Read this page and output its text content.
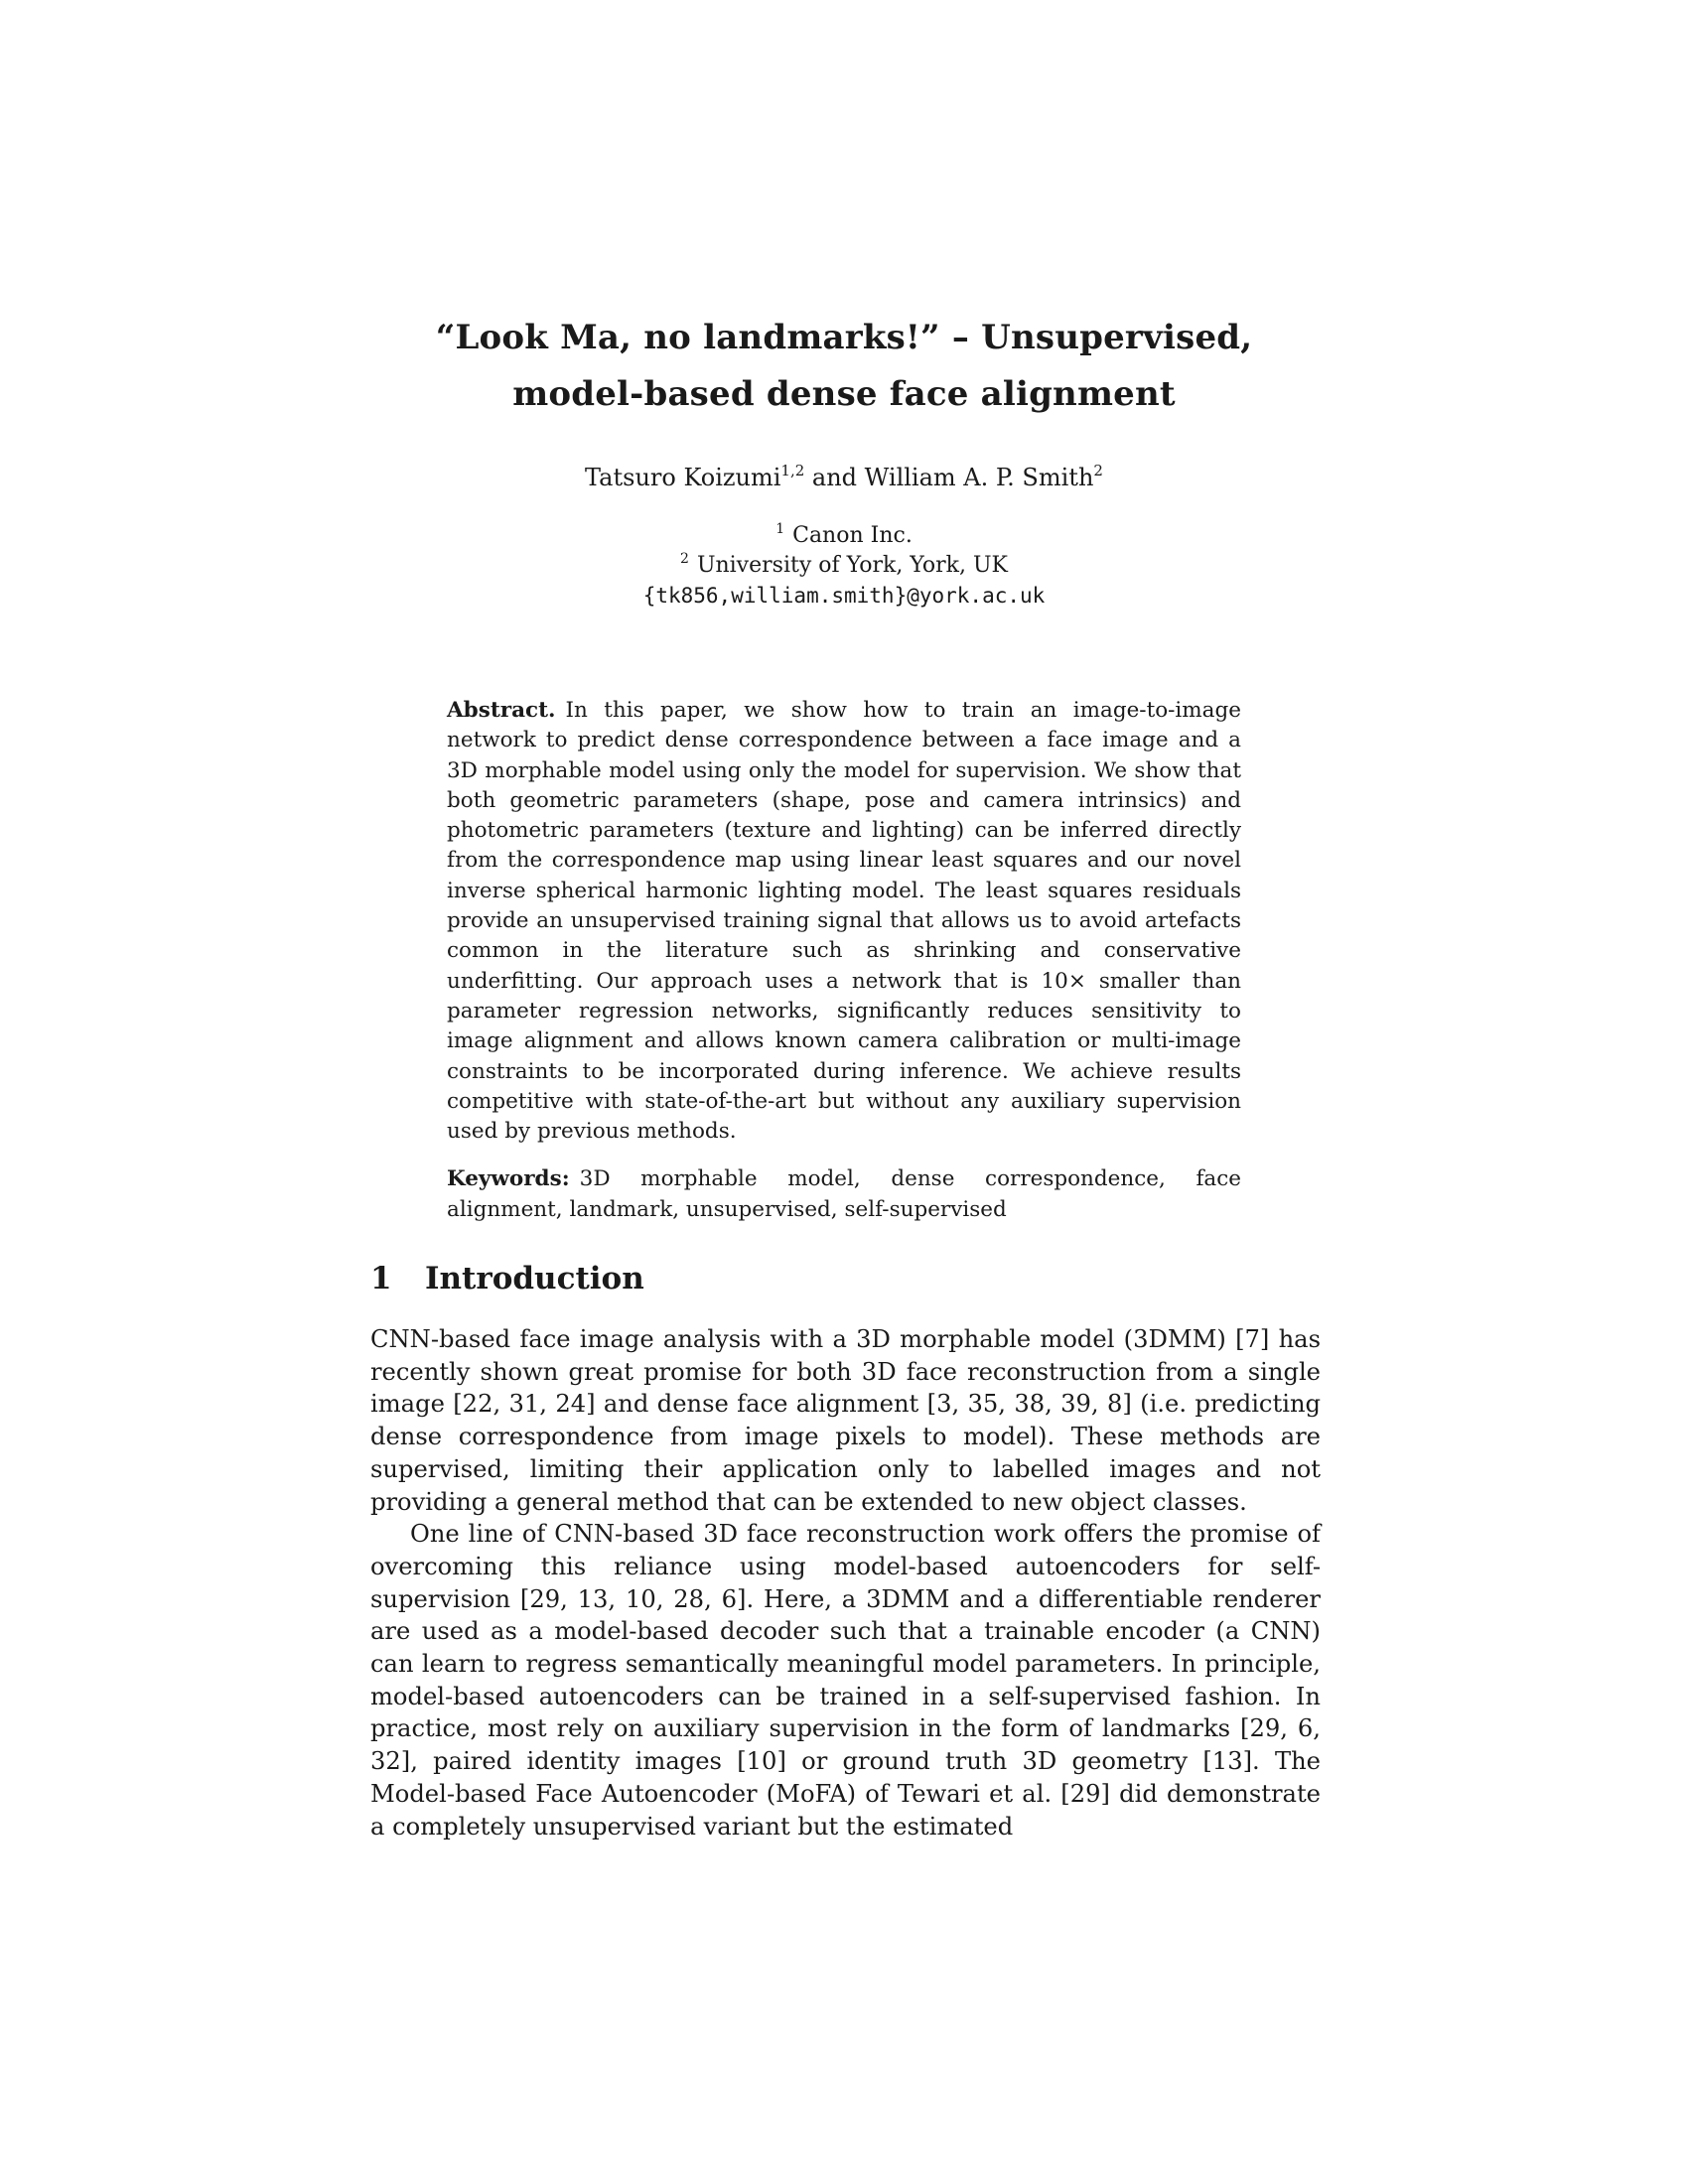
“Look Ma, no landmarks!” – Unsupervised,
model-based dense face alignment
Tatsuro Koizumi$^{1,2}$ and William A. P. Smith$^2$
$^1$ Canon Inc.
$^2$ University of York, York, UK
{tk856,william.smith}@york.ac.uk

Abstract. In this paper, we show how to train an image-to-image network to predict dense correspondence between a face image and a 3D morphable model using only the model for supervision. We show that both geometric parameters (shape, pose and camera intrinsics) and photometric parameters (texture and lighting) can be inferred directly from the correspondence map using linear least squares and our novel inverse spherical harmonic lighting model. The least squares residuals provide an unsupervised training signal that allows us to avoid artefacts common in the literature such as shrinking and conservative underfitting. Our approach uses a network that is 10× smaller than parameter regression networks, significantly reduces sensitivity to image alignment and allows known camera calibration or multi-image constraints to be incorporated during inference. We achieve results competitive with state-of-the-art but without any auxiliary supervision used by previous methods.

Keywords: 3D morphable model, dense correspondence, face alignment, landmark, unsupervised, self-supervised

1 Introduction

CNN-based face image analysis with a 3D morphable model (3DMM) [7] has recently shown great promise for both 3D face reconstruction from a single image [22, 31, 24] and dense face alignment [3, 35, 38, 39, 8] (i.e. predicting dense correspondence from image pixels to model). These methods are supervised, limiting their application only to labelled images and not providing a general method that can be extended to new object classes.

One line of CNN-based 3D face reconstruction work offers the promise of overcoming this reliance using model-based autoencoders for self-supervision [29, 13, 10, 28, 6]. Here, a 3DMM and a differentiable renderer are used as a model-based decoder such that a trainable encoder (a CNN) can learn to regress semantically meaningful model parameters. In principle, model-based autoencoders can be trained in a self-supervised fashion. In practice, most rely on auxiliary supervision in the form of landmarks [29, 6, 32], paired identity images [10] or ground truth 3D geometry [13]. The Model-based Face Autoencoder (MoFA) of Tewari et al. [29] did demonstrate a completely unsupervised variant but the estimated
